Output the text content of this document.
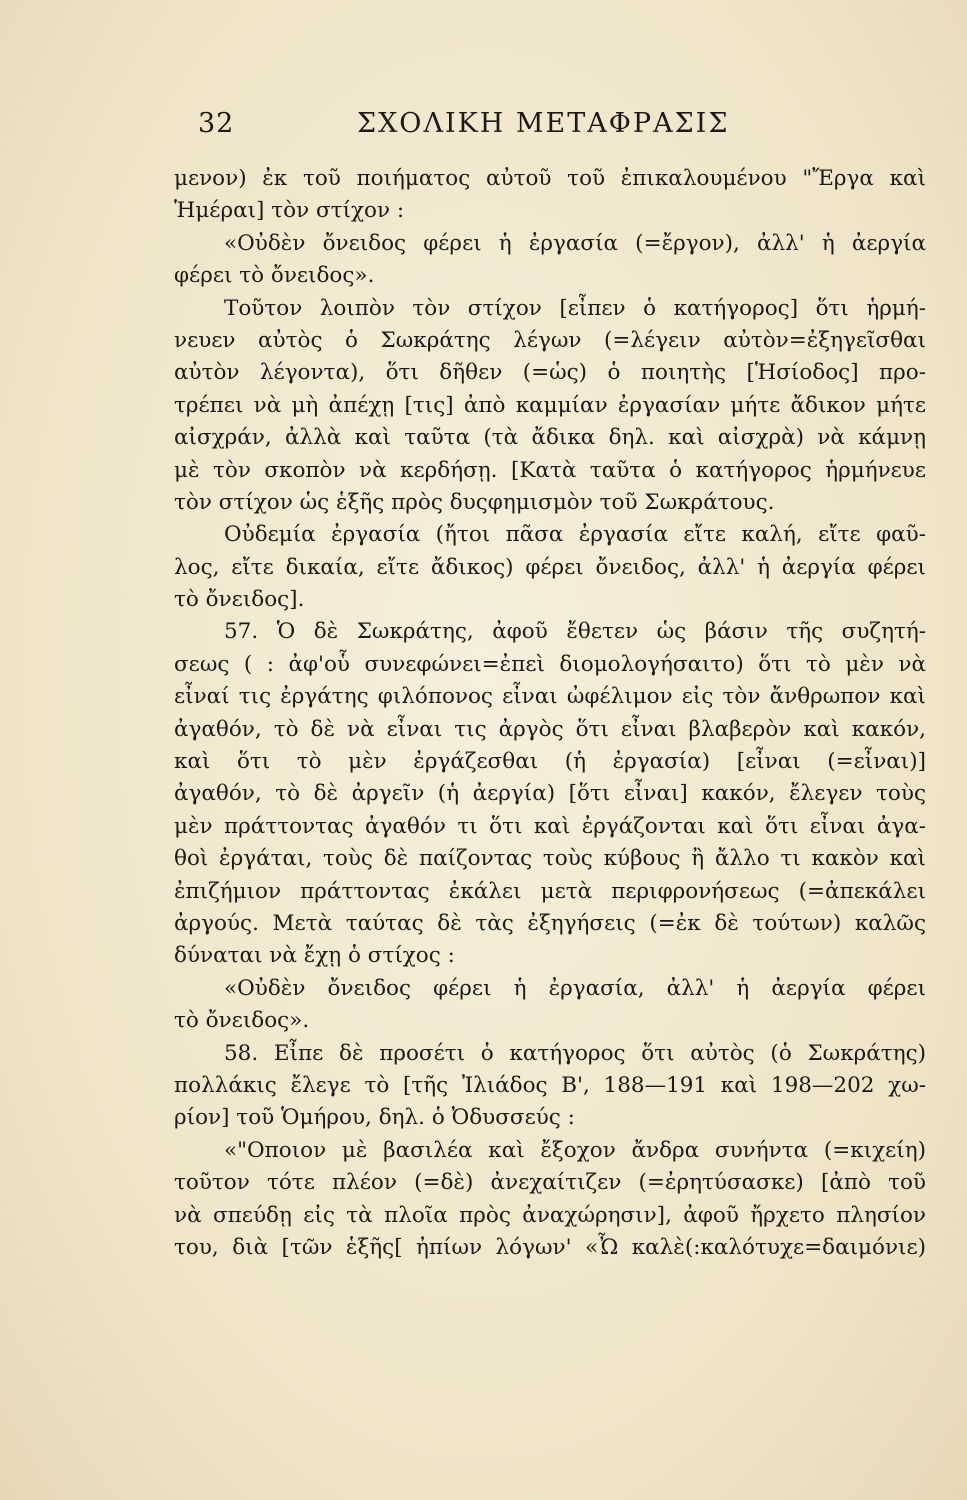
32	ΣΧΟΛΙΚΗ ΜΕΤΑΦΡΑΣΙΣ
μενον) ἐκ τοῦ ποιήματος αὐτοῦ τοῦ ἐπικαλουμένου "Ἔργα καὶ
Ἡμέραι] τὸν στίχον :
«Οὐδὲν ὄνειδος φέρει ἡ ἐργασία (=ἔργον), ἀλλ' ἡ ἀεργία
φέρει τὸ ὄνειδος».
Τοῦτον λοιπὸν τὸν στίχον [εἶπεν ὁ κατήγορος] ὅτι ἡρμή-
νευεν αὐτὸς ὁ Σωκράτης λέγων (=λέγειν αὐτὸν=ἐξηγεῖσθαι
αὐτὸν λέγοντα), ὅτι δῆθεν (=ὡς) ὁ ποιητὴς [Ἡσίοδος] προ-
τρέπει νὰ μὴ ἀπέχῃ [τις] ἀπὸ καμμίαν ἐργασίαν μήτε ἄδικον μήτε
αἰσχράν, ἀλλὰ καὶ ταῦτα (τὰ ἄδικα δηλ. καὶ αἰσχρὰ) νὰ κάμνῃ
μὲ τὸν σκοπὸν νὰ κερδήσῃ. [Κατὰ ταῦτα ὁ κατήγορος ἡρμήνευε
τὸν στίχον ὡς ἑξῆς πρὸς δυςφημισμὸν τοῦ Σωκράτους.
Οὐδεμία ἐργασία (ἤτοι πᾶσα ἐργασία εἴτε καλή, εἴτε φαῦ-
λος, εἴτε δικαία, εἴτε ἄδικος) φέρει ὄνειδος, ἀλλ' ἡ ἀεργία φέρει
τὸ ὄνειδος].
57. Ὁ δὲ Σωκράτης, ἀφοῦ ἔθετεν ὡς βάσιν τῆς συζητή-
σεως ( : ἀφ'οὗ συνεφώνει=ἐπεὶ διομολογήσαιτο) ὅτι τὸ μὲν νὰ
εἶναί τις ἐργάτης φιλόπονος εἶναι ὠφέλιμον εἰς τὸν ἄνθρωπον καὶ
ἀγαθόν, τὸ δὲ νὰ εἶναι τις ἀργὸς ὅτι εἶναι βλαβερὸν καὶ κακόν,
καὶ ὅτι τὸ μὲν ἐργάζεσθαι (ἡ ἐργασία) [εἶναι (=εἶναι)]
ἀγαθόν, τὸ δὲ ἀργεῖν (ἡ ἀεργία) [ὅτι εἶναι] κακόν, ἔλεγεν τοὺς
μὲν πράττοντας ἀγαθόν τι ὅτι καὶ ἐργάζονται καὶ ὅτι εἶναι ἀγα-
θοὶ ἐργάται, τοὺς δὲ παίζοντας τοὺς κύβους ἢ ἄλλο τι κακὸν καὶ
ἐπιζήμιον πράττοντας ἐκάλει μετὰ περιφρονήσεως (=ἀπεκάλει
ἀργούς. Μετὰ ταύτας δὲ τὰς ἐξηγήσεις (=ἐκ δὲ τούτων) καλῶς
δύναται νὰ ἔχῃ ὁ στίχος :
«Οὐδὲν ὄνειδος φέρει ἡ ἐργασία, ἀλλ' ἡ ἀεργία φέρει
τὸ ὄνειδος».
58. Εἶπε δὲ προσέτι ὁ κατήγορος ὅτι αὐτὸς (ὁ Σωκράτης)
πολλάκις ἔλεγε τὸ [τῆς Ἰλιάδος Β', 188—191 καὶ 198—202 χω-
ρίον] τοῦ Ὁμήρου, δηλ. ὁ Ὀδυσσεύς :
«"Οποιον μὲ βασιλέα καὶ ἔξοχον ἄνδρα συνήντα (=κιχείη)
τοῦτον τότε πλέον (=δὲ) ἀνεχαίτιζεν (=ἐρητύσασκε) [ἀπὸ τοῦ
νὰ σπεύδῃ εἰς τὰ πλοῖα πρὸς ἀναχώρησιν], ἀφοῦ ἤρχετο πλησίον
του, διὰ [τῶν ἑξῆς[ ἠπίων λόγων' «Ὦ καλὲ(:καλότυχε=δαιμόνιε)
